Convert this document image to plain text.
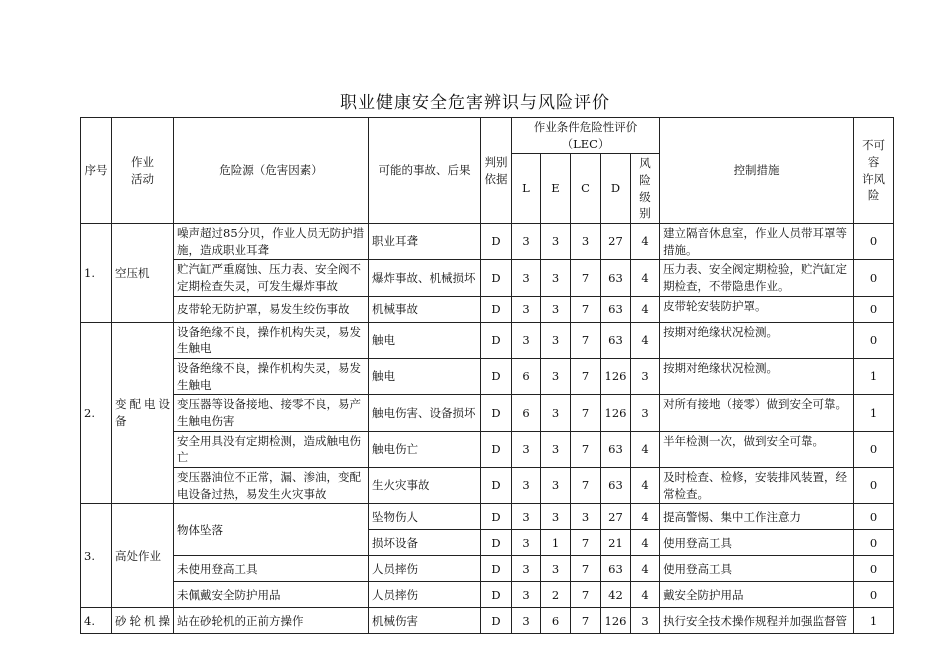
职业健康安全危害辨识与风险评价
序号	作业
活动	危险源（危害因素）	可能的事故、后果	判别
依据	作业条件危险性评价（LEC）					控制措施	不可容
许风险
					L	E	C	D	风险
级别		
1.	空压机	噪声超过85分贝，作业人员无防护措施，造成职业耳聋	职业耳聋	D	3	3	3	27	4	建立隔音休息室，作业人员带耳罩等措施。	0
		贮汽缸严重腐蚀、压力表、安全阀不定期检查失灵，可发生爆炸事故	爆炸事故、机械损坏	D	3	3	7	63	4	压力表、安全阀定期检验，贮汽缸定期检查，不带隐患作业。	0
		皮带轮无防护罩，易发生绞伤事故	机械事故	D	3	3	7	63	4	皮带轮安装防护罩。	0
2.	变配电设备	设备绝缘不良，操作机构失灵，易发生触电	触电	D	3	3	7	63	4	按期对绝缘状况检测。	0
		设备绝缘不良，操作机构失灵，易发生触电	触电	D	6	3	7	126	3	按期对绝缘状况检测。	1
		变压器等设备接地、接零不良，易产生触电伤害	触电伤害、设备损坏	D	6	3	7	126	3	对所有接地（接零）做到安全可靠。	1
		安全用具没有定期检测，造成触电伤亡	触电伤亡	D	3	3	7	63	4	半年检测一次，做到安全可靠。	0
		变压器油位不正常，漏、渗油，变配电设备过热，易发生火灾事故	生火灾事故	D	3	3	7	63	4	及时检查、检修，安装排风装置，经常检查。	0
3.	高处作业	物体坠落	坠物伤人	D	3	3	3	27	4	提高警惕、集中工作注意力	0
			损坏设备	D	3	1	7	21	4	使用登高工具	0
		未使用登高工具	人员摔伤	D	3	3	7	63	4	使用登高工具	0
		未佩戴安全防护用品	人员摔伤	D	3	2	7	42	4	戴安全防护用品	0
4.	砂轮机操	站在砂轮机的正前方操作	机械伤害	D	3	6	7	126	3	执行安全技术操作规程并加强监督管	1
